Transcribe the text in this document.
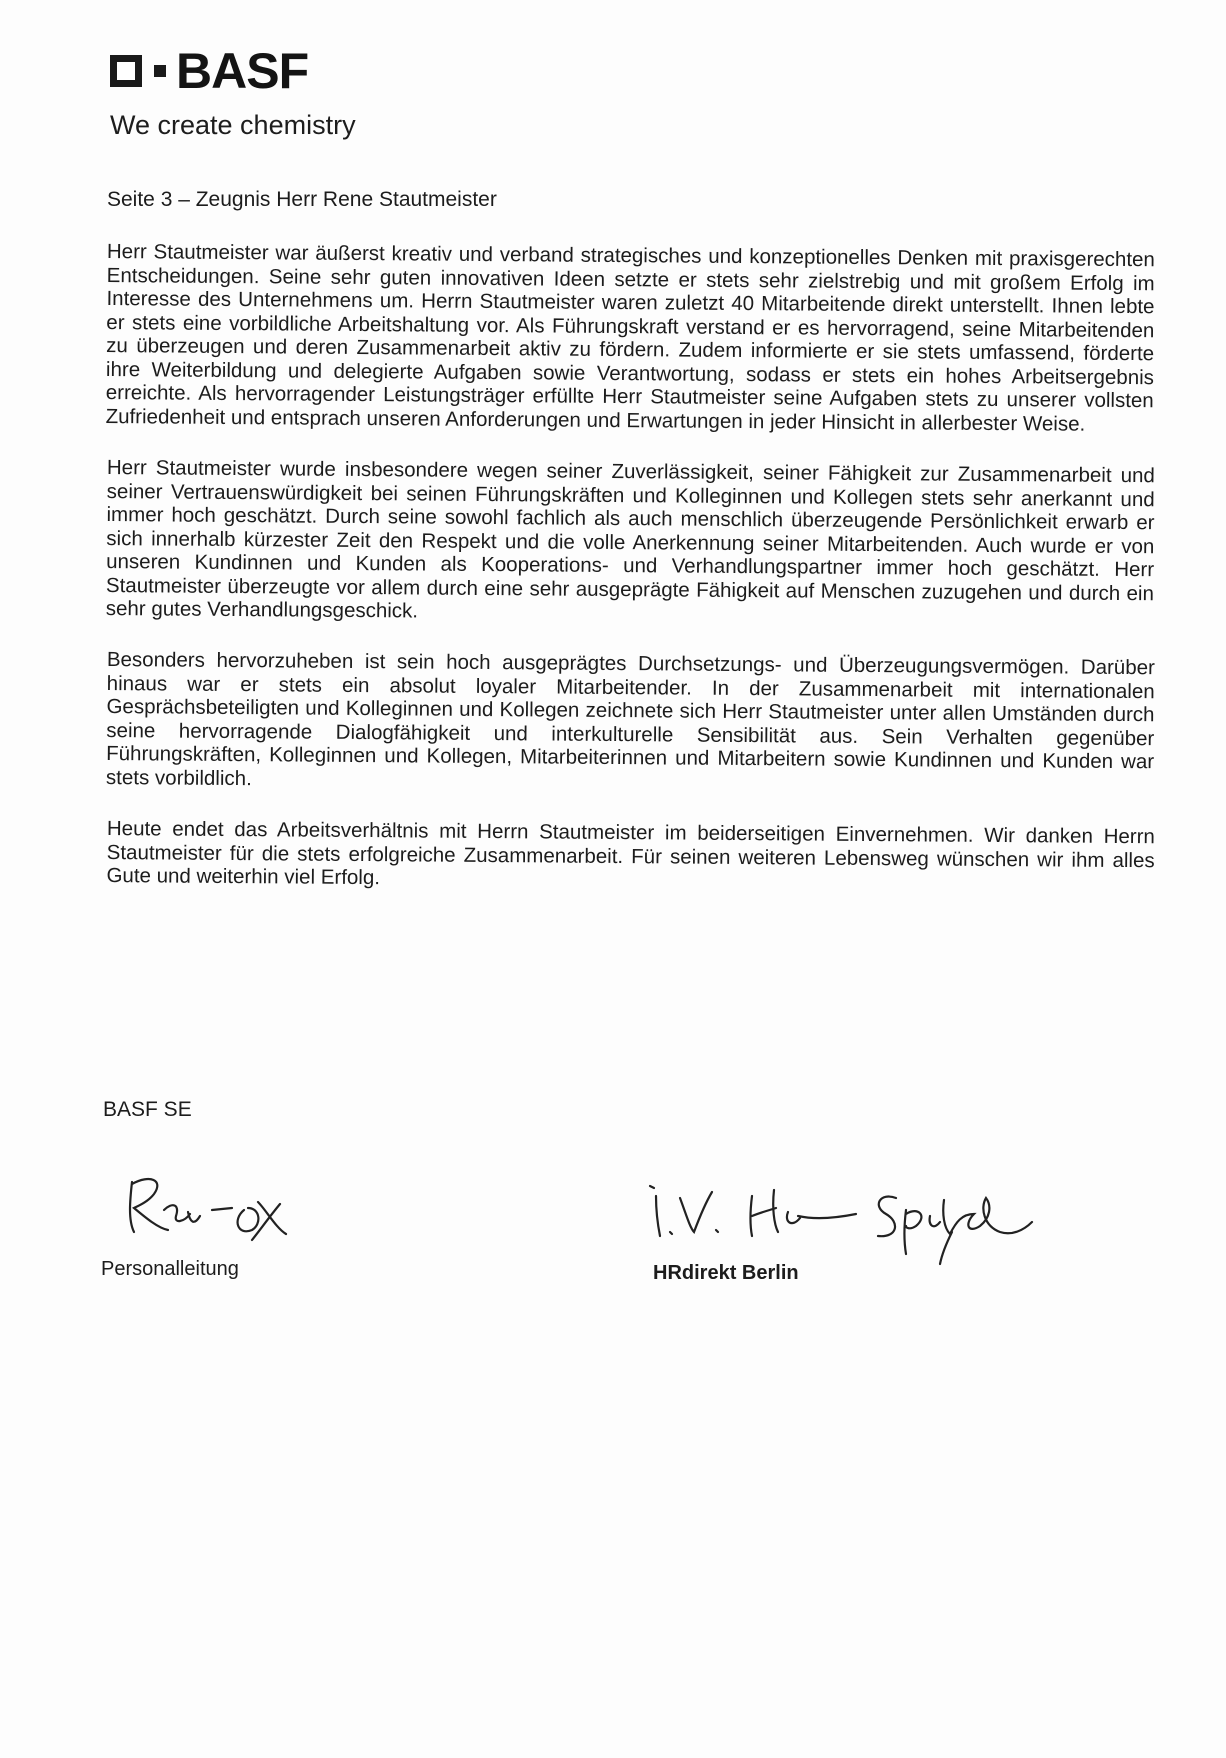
BASF
We create chemistry

Seite 3 – Zeugnis Herr Rene Stautmeister

Herr Stautmeister war äußerst kreativ und verband strategisches und konzeptionelles Denken mit praxisgerechten Entscheidungen. Seine sehr guten innovativen Ideen setzte er stets sehr zielstrebig und mit großem Erfolg im Interesse des Unternehmens um. Herrn Stautmeister waren zuletzt 40 Mitarbeitende direkt unterstellt. Ihnen lebte er stets eine vorbildliche Arbeitshaltung vor. Als Führungskraft verstand er es hervorragend, seine Mitarbeitenden zu überzeugen und deren Zusammenarbeit aktiv zu fördern. Zudem informierte er sie stets umfassend, förderte ihre Weiterbildung und delegierte Aufgaben sowie Verantwortung, sodass er stets ein hohes Arbeitsergebnis erreichte. Als hervorragender Leistungsträger erfüllte Herr Stautmeister seine Aufgaben stets zu unserer vollsten Zufriedenheit und entsprach unseren Anforderungen und Erwartungen in jeder Hinsicht in allerbester Weise.

Herr Stautmeister wurde insbesondere wegen seiner Zuverlässigkeit, seiner Fähigkeit zur Zusammenarbeit und seiner Vertrauenswürdigkeit bei seinen Führungskräften und Kolleginnen und Kollegen stets sehr anerkannt und immer hoch geschätzt. Durch seine sowohl fachlich als auch menschlich überzeugende Persönlichkeit erwarb er sich innerhalb kürzester Zeit den Respekt und die volle Anerkennung seiner Mitarbeitenden. Auch wurde er von unseren Kundinnen und Kunden als Kooperations- und Verhandlungspartner immer hoch geschätzt. Herr Stautmeister überzeugte vor allem durch eine sehr ausgeprägte Fähigkeit auf Menschen zuzugehen und durch ein sehr gutes Verhandlungsgeschick.

Besonders hervorzuheben ist sein hoch ausgeprägtes Durchsetzungs- und Überzeugungsvermögen. Darüber hinaus war er stets ein absolut loyaler Mitarbeitender. In der Zusammenarbeit mit internationalen Gesprächsbeteiligten und Kolleginnen und Kollegen zeichnete sich Herr Stautmeister unter allen Umständen durch seine hervorragende Dialogfähigkeit und interkulturelle Sensibilität aus. Sein Verhalten gegenüber Führungskräften, Kolleginnen und Kollegen, Mitarbeiterinnen und Mitarbeitern sowie Kundinnen und Kunden war stets vorbildlich.

Heute endet das Arbeitsverhältnis mit Herrn Stautmeister im beiderseitigen Einvernehmen. Wir danken Herrn Stautmeister für die stets erfolgreiche Zusammenarbeit. Für seinen weiteren Lebensweg wünschen wir ihm alles Gute und weiterhin viel Erfolg.

BASF SE
Personalleitung	HRdirekt Berlin
